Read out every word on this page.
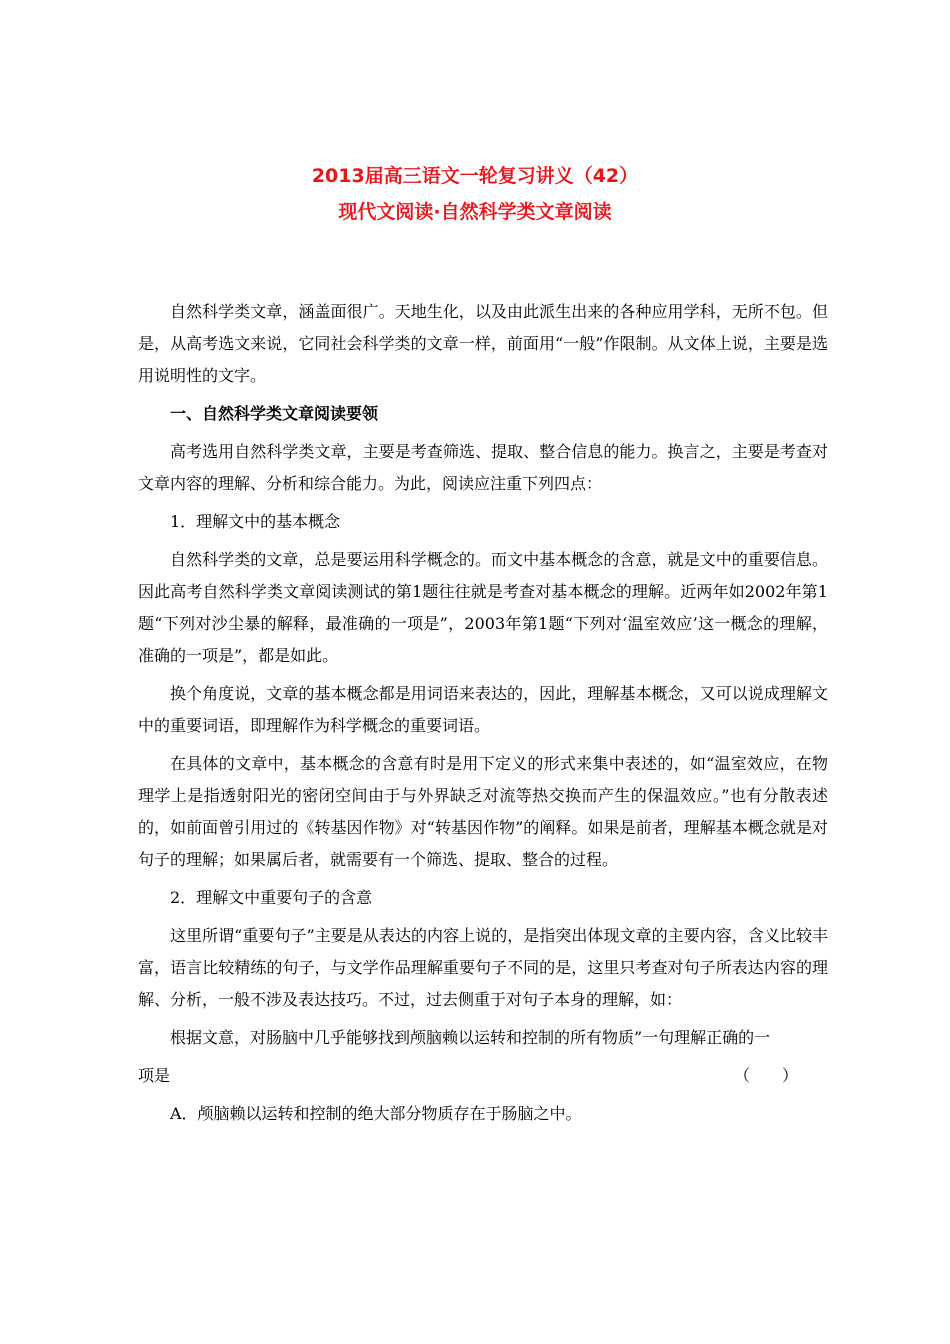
2013届高三语文一轮复习讲义（42）
现代文阅读·自然科学类文章阅读

自然科学类文章，涵盖面很广。天地生化，以及由此派生出来的各种应用学科，无所不包。但是，从高考选文来说，它同社会科学类的文章一样，前面用“一般”作限制。从文体上说，主要是选用说明性的文字。

一、自然科学类文章阅读要领

高考选用自然科学类文章，主要是考查筛选、提取、整合信息的能力。换言之，主要是考查对文章内容的理解、分析和综合能力。为此，阅读应注重下列四点：

1．理解文中的基本概念

自然科学类的文章，总是要运用科学概念的。而文中基本概念的含意，就是文中的重要信息。因此高考自然科学类文章阅读测试的第1题往往就是考查对基本概念的理解。近两年如2002年第1题“下列对沙尘暴的解释，最准确的一项是”，2003年第1题“下列对‘温室效应’这一概念的理解，准确的一项是”，都是如此。

换个角度说，文章的基本概念都是用词语来表达的，因此，理解基本概念，又可以说成理解文中的重要词语，即理解作为科学概念的重要词语。

在具体的文章中，基本概念的含意有时是用下定义的形式来集中表述的，如“温室效应，在物理学上是指透射阳光的密闭空间由于与外界缺乏对流等热交换而产生的保温效应。”也有分散表述的，如前面曾引用过的《转基因作物》对“转基因作物”的阐释。如果是前者，理解基本概念就是对句子的理解；如果属后者，就需要有一个筛选、提取、整合的过程。

2．理解文中重要句子的含意

这里所谓“重要句子”主要是从表达的内容上说的，是指突出体现文章的主要内容，含义比较丰富，语言比较精练的句子，与文学作品理解重要句子不同的是，这里只考查对句子所表达内容的理解、分析，一般不涉及表达技巧。不过，过去侧重于对句子本身的理解，如：

根据文意，对肠脑中几乎能够找到颅脑赖以运转和控制的所有物质”一句理解正确的一

项是	（　　）

A．颅脑赖以运转和控制的绝大部分物质存在于肠脑之中。
